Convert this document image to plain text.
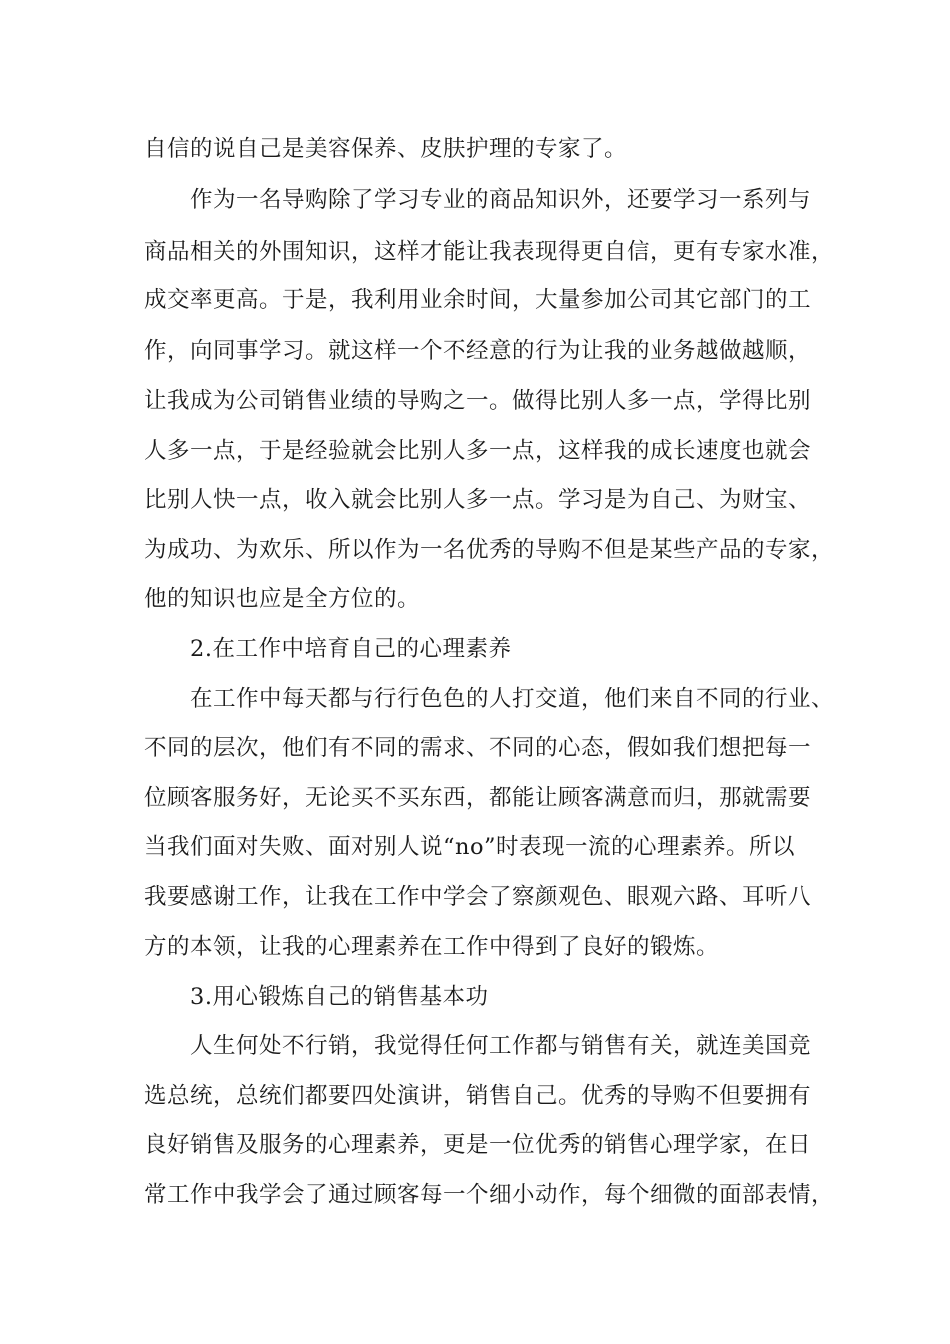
自信的说自己是美容保养、皮肤护理的专家了。
作为一名导购除了学习专业的商品知识外，还要学习一系列与
商品相关的外围知识，这样才能让我表现得更自信，更有专家水准，
成交率更高。于是，我利用业余时间，大量参加公司其它部门的工
作，向同事学习。就这样一个不经意的行为让我的业务越做越顺，
让我成为公司销售业绩的导购之一。做得比别人多一点，学得比别
人多一点，于是经验就会比别人多一点，这样我的成长速度也就会
比别人快一点，收入就会比别人多一点。学习是为自己、为财宝、
为成功、为欢乐、所以作为一名优秀的导购不但是某些产品的专家，
他的知识也应是全方位的。
2.在工作中培育自己的心理素养
在工作中每天都与行行色色的人打交道，他们来自不同的行业、
不同的层次，他们有不同的需求、不同的心态，假如我们想把每一
位顾客服务好，无论买不买东西，都能让顾客满意而归，那就需要
当我们面对失败、面对别人说“no”时表现一流的心理素养。所以
我要感谢工作，让我在工作中学会了察颜观色、眼观六路、耳听八
方的本领，让我的心理素养在工作中得到了良好的锻炼。
3.用心锻炼自己的销售基本功
人生何处不行销，我觉得任何工作都与销售有关，就连美国竞
选总统，总统们都要四处演讲，销售自己。优秀的导购不但要拥有
良好销售及服务的心理素养，更是一位优秀的销售心理学家，在日
常工作中我学会了通过顾客每一个细小动作，每个细微的面部表情，
